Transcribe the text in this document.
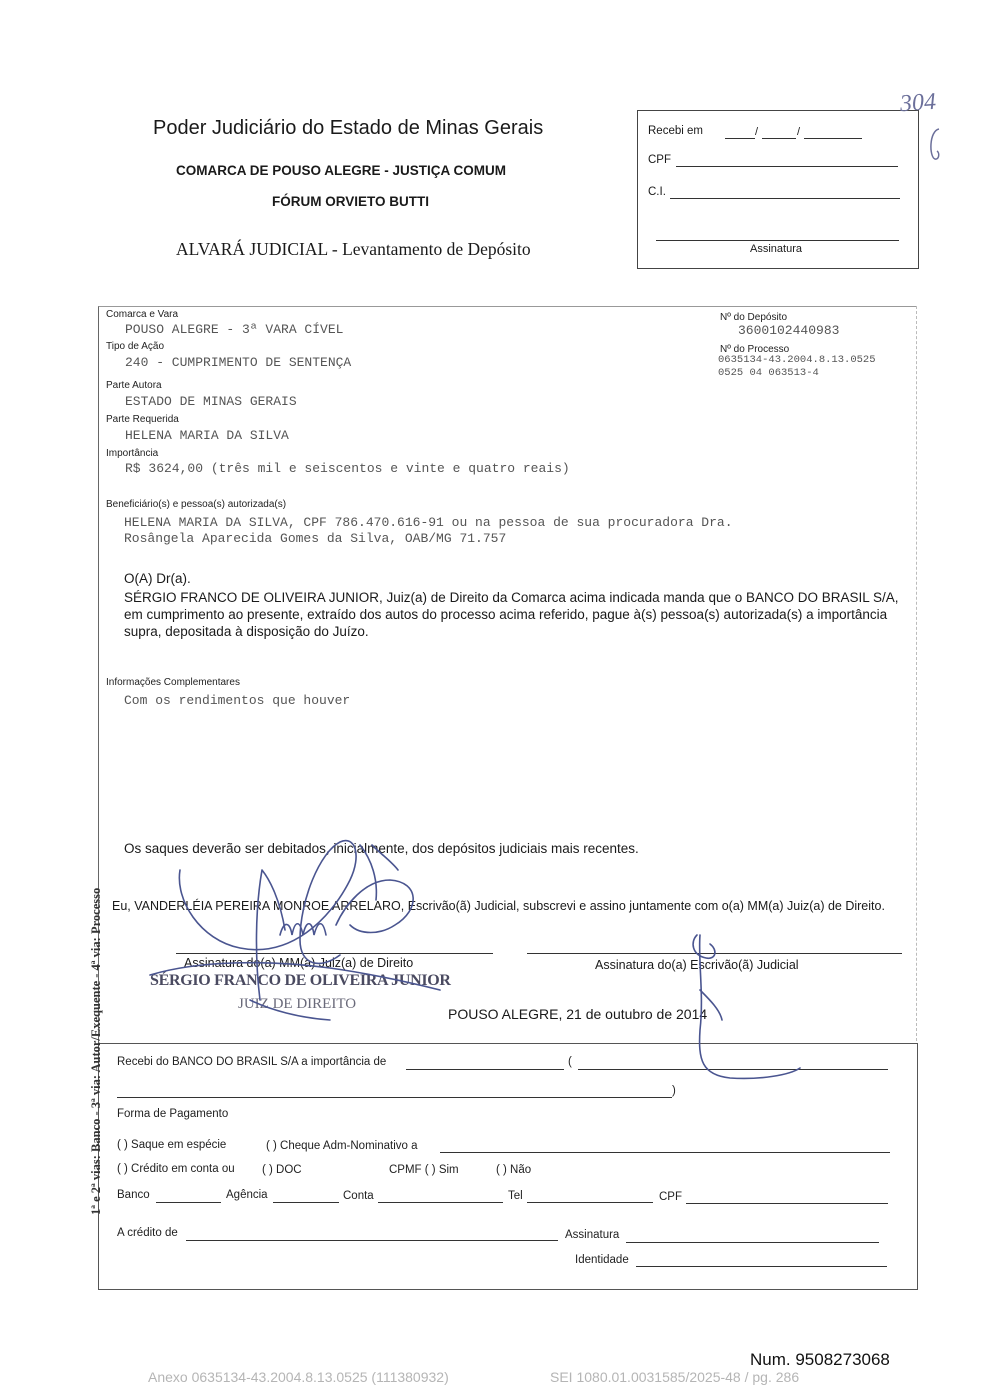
Poder Judiciário do Estado de Minas Gerais
COMARCA DE POUSO ALEGRE - JUSTIÇA COMUM
FÓRUM ORVIETO BUTTI
ALVARÁ JUDICIAL - Levantamento de Depósito
Recebi em	/	/
CPF
C.I.
Assinatura
304
Comarca e Vara
POUSO ALEGRE - 3ª VARA CÍVEL
Nº do Depósito
3600102440983
Tipo de Ação
240 - CUMPRIMENTO DE SENTENÇA
Nº do Processo
0635134-43.2004.8.13.0525
0525 04 063513-4
Parte Autora
ESTADO DE MINAS GERAIS
Parte Requerida
HELENA MARIA DA SILVA
Importância
R$ 3624,00 (três mil e seiscentos e vinte e quatro reais)
Beneficiário(s) e pessoa(s) autorizada(s)
HELENA MARIA DA SILVA, CPF 786.470.616-91 ou na pessoa de sua procuradora Dra.
Rosângela Aparecida Gomes da Silva, OAB/MG 71.757
O(A) Dr(a).
SÉRGIO FRANCO DE OLIVEIRA JUNIOR, Juiz(a) de Direito da Comarca acima indicada manda que o BANCO DO BRASIL S/A, em cumprimento ao presente, extraído dos autos do processo acima referido, pague à(s) pessoa(s) autorizada(s) a importância supra, depositada à disposição do Juízo.
Informações Complementares
Com os rendimentos que houver
Os saques deverão ser debitados, inicialmente, dos depósitos judiciais mais recentes.
Eu, VANDERLÉIA PEREIRA MONROE ARRELARO, Escrivão(ã) Judicial, subscrevi e assino juntamente com o(a) MM(a) Juiz(a) de Direito.
Assinatura do(a) MM(a) Juiz(a) de Direito	Assinatura do(a) Escrivão(ã) Judicial
SÉRGIO FRANCO DE OLIVEIRA JUNIOR
JUIZ DE DIREITO
POUSO ALEGRE, 21 de outubro de 2014
Recebi do BANCO DO BRASIL S/A a importância de	(
)
Forma de Pagamento
( ) Saque em espécie	( ) Cheque Adm-Nominativo a
( ) Crédito em conta ou ( ) DOC	CPMF ( ) Sim	( ) Não
Banco	Agência	Conta	Tel	CPF
A crédito de	Assinatura
Identidade
1ª e 2ª vias: Banco - 3ª via: Autor/Exequente - 4ª via: Processo
Num. 9508273068
Anexo 0635134-43.2004.8.13.0525 (111380932)	SEI 1080.01.0031585/2025-48 / pg. 286
